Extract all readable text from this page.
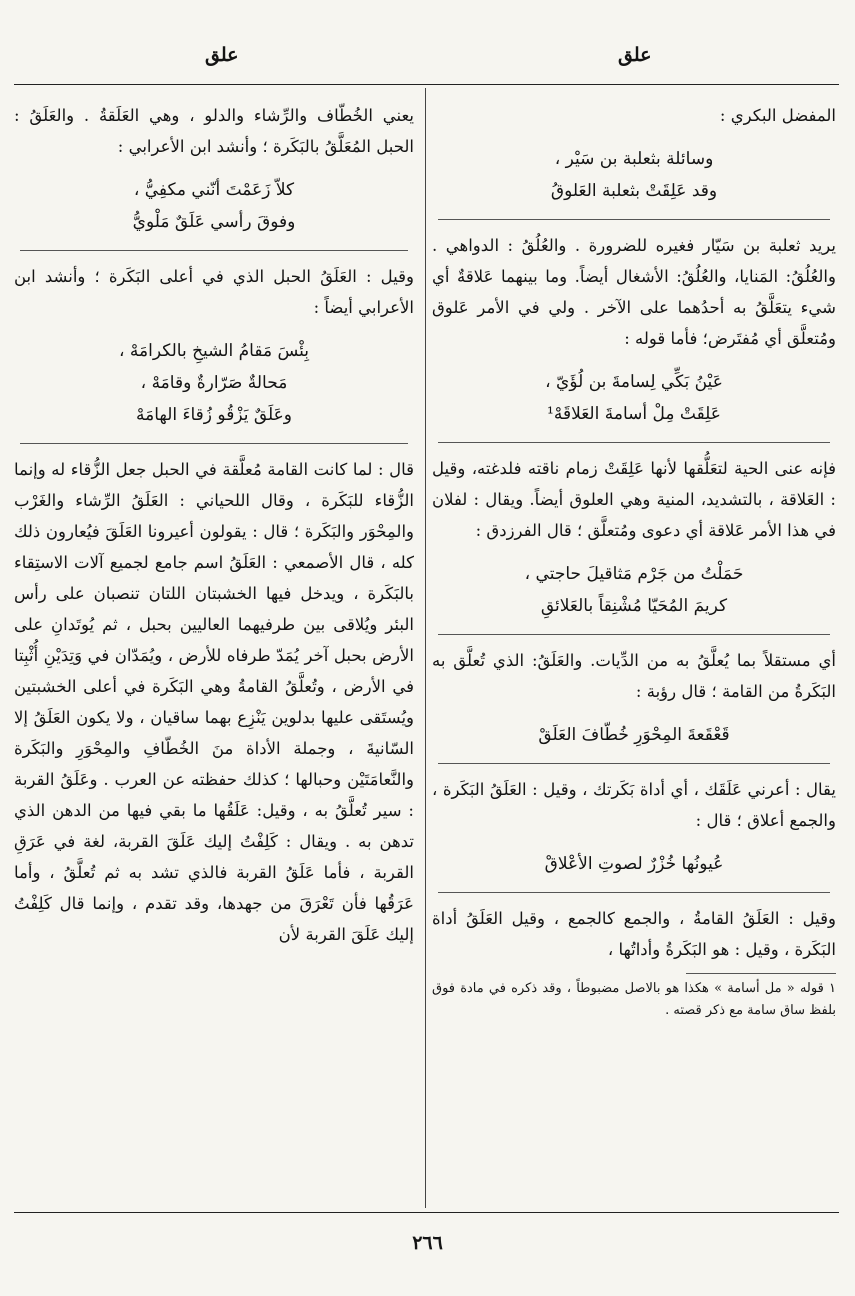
علق
علق

المفضل البكري :

وسائلة بثعلبة بن سَيْر ،
وقد عَلِقَتْ بثعلبة العَلوقُ

يريد ثعلبة بن سَيّار فغيره للضرورة . والعُلُقُ : الدواهي . والعُلُقُ: المَنايا، والعُلُقُ: الأشغال أيضاً. وما بينهما عَلاقةٌ أي شيء يتعَلَّقُ به أحدُهما على الآخر . ولي في الأمر عَلوق ومُتعلَّق أي مُفتَرض؛ فأما قوله :

عَيْنُ بَكِّي لِسامةَ بن لُؤَيّ ،
عَلِقَتْ مِلْ أسامةَ العَلاقَهْ¹

فإنه عنى الحية لتعَلُّقها لأنها عَلِقَتْ زمام ناقته فلدغته، وقيل : العَلاقة ، بالتشديد، المنية وهي العلوق أيضاً. ويقال : لفلان في هذا الأمر عَلاقة أي دعوى ومُتعلَّق ؛ قال الفرزدق :

حَمَلْتُ من جَرْم مَثاقيلَ حاجتي ،
كريمَ المُحَيّا مُشْنِقاً بالعَلائقِ

أي مستقلاً بما يُعلَّقُ به من الدِّيات. والعَلَقُ: الذي تُعلَّق به البَكَرةُ من القامة ؛ قال رؤبة :

قَعْقَعةَ المِحْوَرِ خُطّافَ العَلَقْ

يقال : أعرني عَلَقَك ، أي أداة بَكَرتك ، وقيل : العَلَقُ البَكَرة ، والجمع أعلاق ؛ قال :

عُيونُها خُزْرٌ لصوتِ الأعْلاقْ

وقيل : العَلَقُ القامةُ ، والجمع كالجمع ، وقيل العَلَقُ أداة البَكَرة ، وقيل : هو البَكَرةُ وأداتُها ،

١ قوله « مل أسامة » هكذا هو بالاصل مضبوطاً ، وقد ذكره في مادة فوق بلفظ ساق سامة مع ذكر قصته .

يعني الخُطّاف والرِّشاء والدلو ، وهي العَلَقةُ . والعَلَقُ : الحبل المُعَلَّقُ بالبَكَرة ؛ وأنشد ابن الأعرابي :

كلاّ زَعَمْتَ أنّني مكفِيُّ ،
وفوقَ رأسي عَلَقٌ مَلْويُّ

وقيل : العَلَقُ الحبل الذي في أعلى البَكَرة ؛ وأنشد ابن الأعرابي أيضاً :

بِئْسَ مَقامُ الشيخِ بالكرامَهْ ،
مَحالةٌ صَرّارةٌ وقامَهْ ،
وعَلَقٌ يَزْقُو زُقاءَ الهامَهْ

قال : لما كانت القامة مُعلَّقة في الحبل جعل الزُّقاء له وإنما الزُّقاء للبَكَرة ، وقال اللحياني : العَلَقُ الرِّشاء والغَرْب والمِحْوَر والبَكَرة ؛ قال : يقولون أعيرونا العَلَقَ فيُعارون ذلك كله ، قال الأصمعي : العَلَقُ اسم جامع لجميع آلات الاستِقاء بالبَكَرة ، ويدخل فيها الخشبتان اللتان تنصبان على رأس البئر ويُلاقى بين طرفيهما العاليين بحبل ، ثم يُوتَدانِ على الأرض بحبل آخر يُمَدّ طرفاه للأرض ، ويُمَدّان في وَتِدَيْنِ أُثْبِتا في الأرض ، وتُعلَّقُ القامةُ وهي البَكَرة في أعلى الخشبتين ويُستَقى عليها بدلوين يَنْزِع بهما ساقيان ، ولا يكون العَلَقُ إلا السّانيةَ ، وجملة الأداة منَ الخُطّافِ والمِحْوَرِ والبَكَرة والنَّعامَتَيْن وحبالها ؛ كذلك حفظته عن العرب . وعَلَقُ القربة : سير تُعلَّقُ به ، وقيل: عَلَقُها ما بقي فيها من الدهن الذي تدهن به . ويقال : كَلِفْتُ إليك عَلَقَ القربة، لغة في عَرَقِ القربة ، فأما عَلَقُ القربة فالذي تشد به ثم تُعلَّقُ ، وأما عَرَقُها فأن تَعْرَقَ من جهدها، وقد تقدم ، وإنما قال كَلِفْتُ إليك عَلَقَ القربة لأن

٢٦٦
